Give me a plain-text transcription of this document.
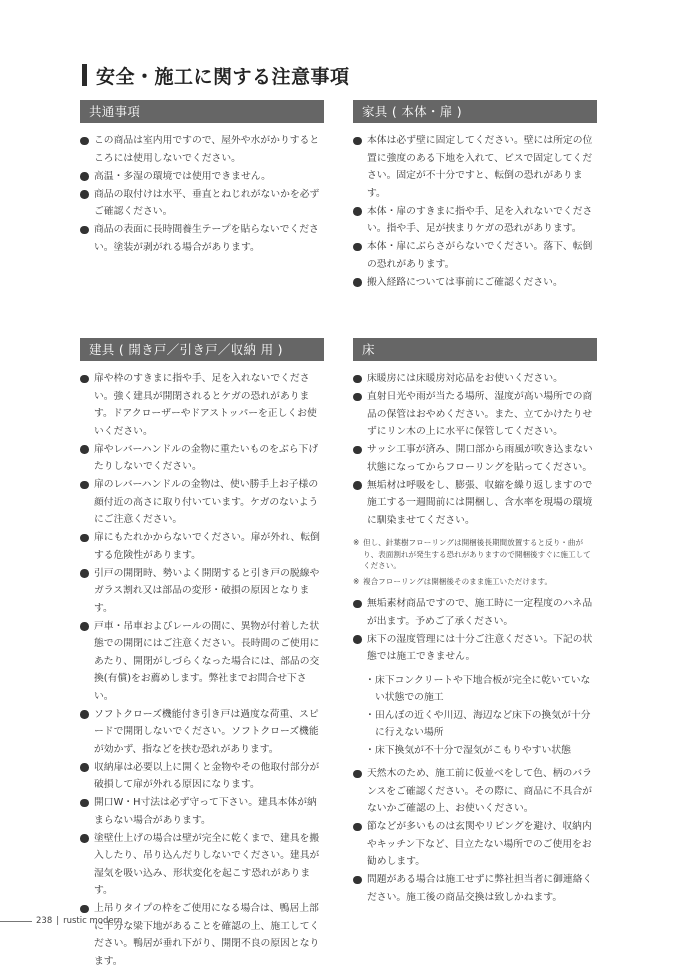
安全・施工に関する注意事項
共通事項
この商品は室内用ですので、屋外や水がかりするところには使用しないでください。
高温・多湿の環境では使用できません。
商品の取付けは水平、垂直とねじれがないかを必ずご確認ください。
商品の表面に長時間養生テープを貼らないでください。塗装が剥がれる場合があります。
家具 ( 本体・扉 )
本体は必ず壁に固定してください。壁には所定の位置に強度のある下地を入れて、ビスで固定してください。固定が不十分ですと、転倒の恐れがあります。
本体・扉のすきまに指や手、足を入れないでください。指や手、足が挟まりケガの恐れがあります。
本体・扉にぶらさがらないでください。落下、転倒の恐れがあります。
搬入経路については事前にご確認ください。
建具 ( 開き戸／引き戸／収納 用 )
扉や枠のすきまに指や手、足を入れないでください。強く建具が開閉されるとケガの恐れがあります。ドアクローザーやドアストッパーを正しくお使いください。
扉やレバーハンドルの金物に重たいものをぶら下げたりしないでください。
扉のレバーハンドルの金物は、使い勝手上お子様の顔付近の高さに取り付いています。ケガのないようにご注意ください。
扉にもたれかからないでください。扉が外れ、転倒する危険性があります。
引戸の開閉時、勢いよく開閉すると引き戸の脱線やガラス割れ又は部品の変形・破損の原因となります。
戸車・吊車およびレールの間に、異物が付着した状態での開閉にはご注意ください。長時間のご使用にあたり、開閉がしづらくなった場合には、部品の交換(有償)をお薦めします。弊社までお問合せ下さい。
ソフトクローズ機能付き引き戸は過度な荷重、スピードで開閉しないでください。ソフトクローズ機能が効かず、指などを挟む恐れがあります。
収納扉は必要以上に開くと金物やその他取付部分が破損して扉が外れる原因になります。
開口W・H寸法は必ず守って下さい。建具本体が納まらない場合があります。
塗壁仕上げの場合は壁が完全に乾くまで、建具を搬入したり、吊り込んだりしないでください。建具が湿気を吸い込み、形状変化を起こす恐れがあります。
上吊りタイプの枠をご使用になる場合は、鴨居上部に十分な梁下地があることを確認の上、施工してください。鴨居が垂れ下がり、開閉不良の原因となります。
床
床暖房には床暖房対応品をお使いください。
直射日光や雨が当たる場所、湿度が高い場所での商品の保管はおやめください。また、立てかけたりせずにリン木の上に水平に保管してください。
サッシ工事が済み、開口部から雨風が吹き込まない状態になってからフローリングを貼ってください。
無垢材は呼吸をし、膨張、収縮を繰り返しますので施工する一週間前には開梱し、含水率を現場の環境に馴染ませてください。
※ 但し、針葉樹フローリングは開梱後長期間放置すると反り・曲がり、表面割れが発生する恐れがありますので開梱後すぐに施工してください。
※ 複合フローリングは開梱後そのまま施工いただけます。
無垢素材商品ですので、施工時に一定程度のハネ品が出ます。予めご了承ください。
床下の湿度管理には十分ご注意ください。下記の状態では施工できません。
・ 床下コンクリートや下地合板が完全に乾いていない状態での施工
・ 田んぼの近くや川辺、海辺など床下の換気が十分に行えない場所
・ 床下換気が不十分で湿気がこもりやすい状態
天然木のため、施工前に仮並べをして色、柄のバランスをご確認ください。その際に、商品に不具合がないかご確認の上、お使いください。
節などが多いものは玄関やリビングを避け、収納内やキッチン下など、目立たない場所でのご使用をお勧めします。
問題がある場合は施工せずに弊社担当者に御連絡ください。施工後の商品交換は致しかねます。
238 | rustic modern
